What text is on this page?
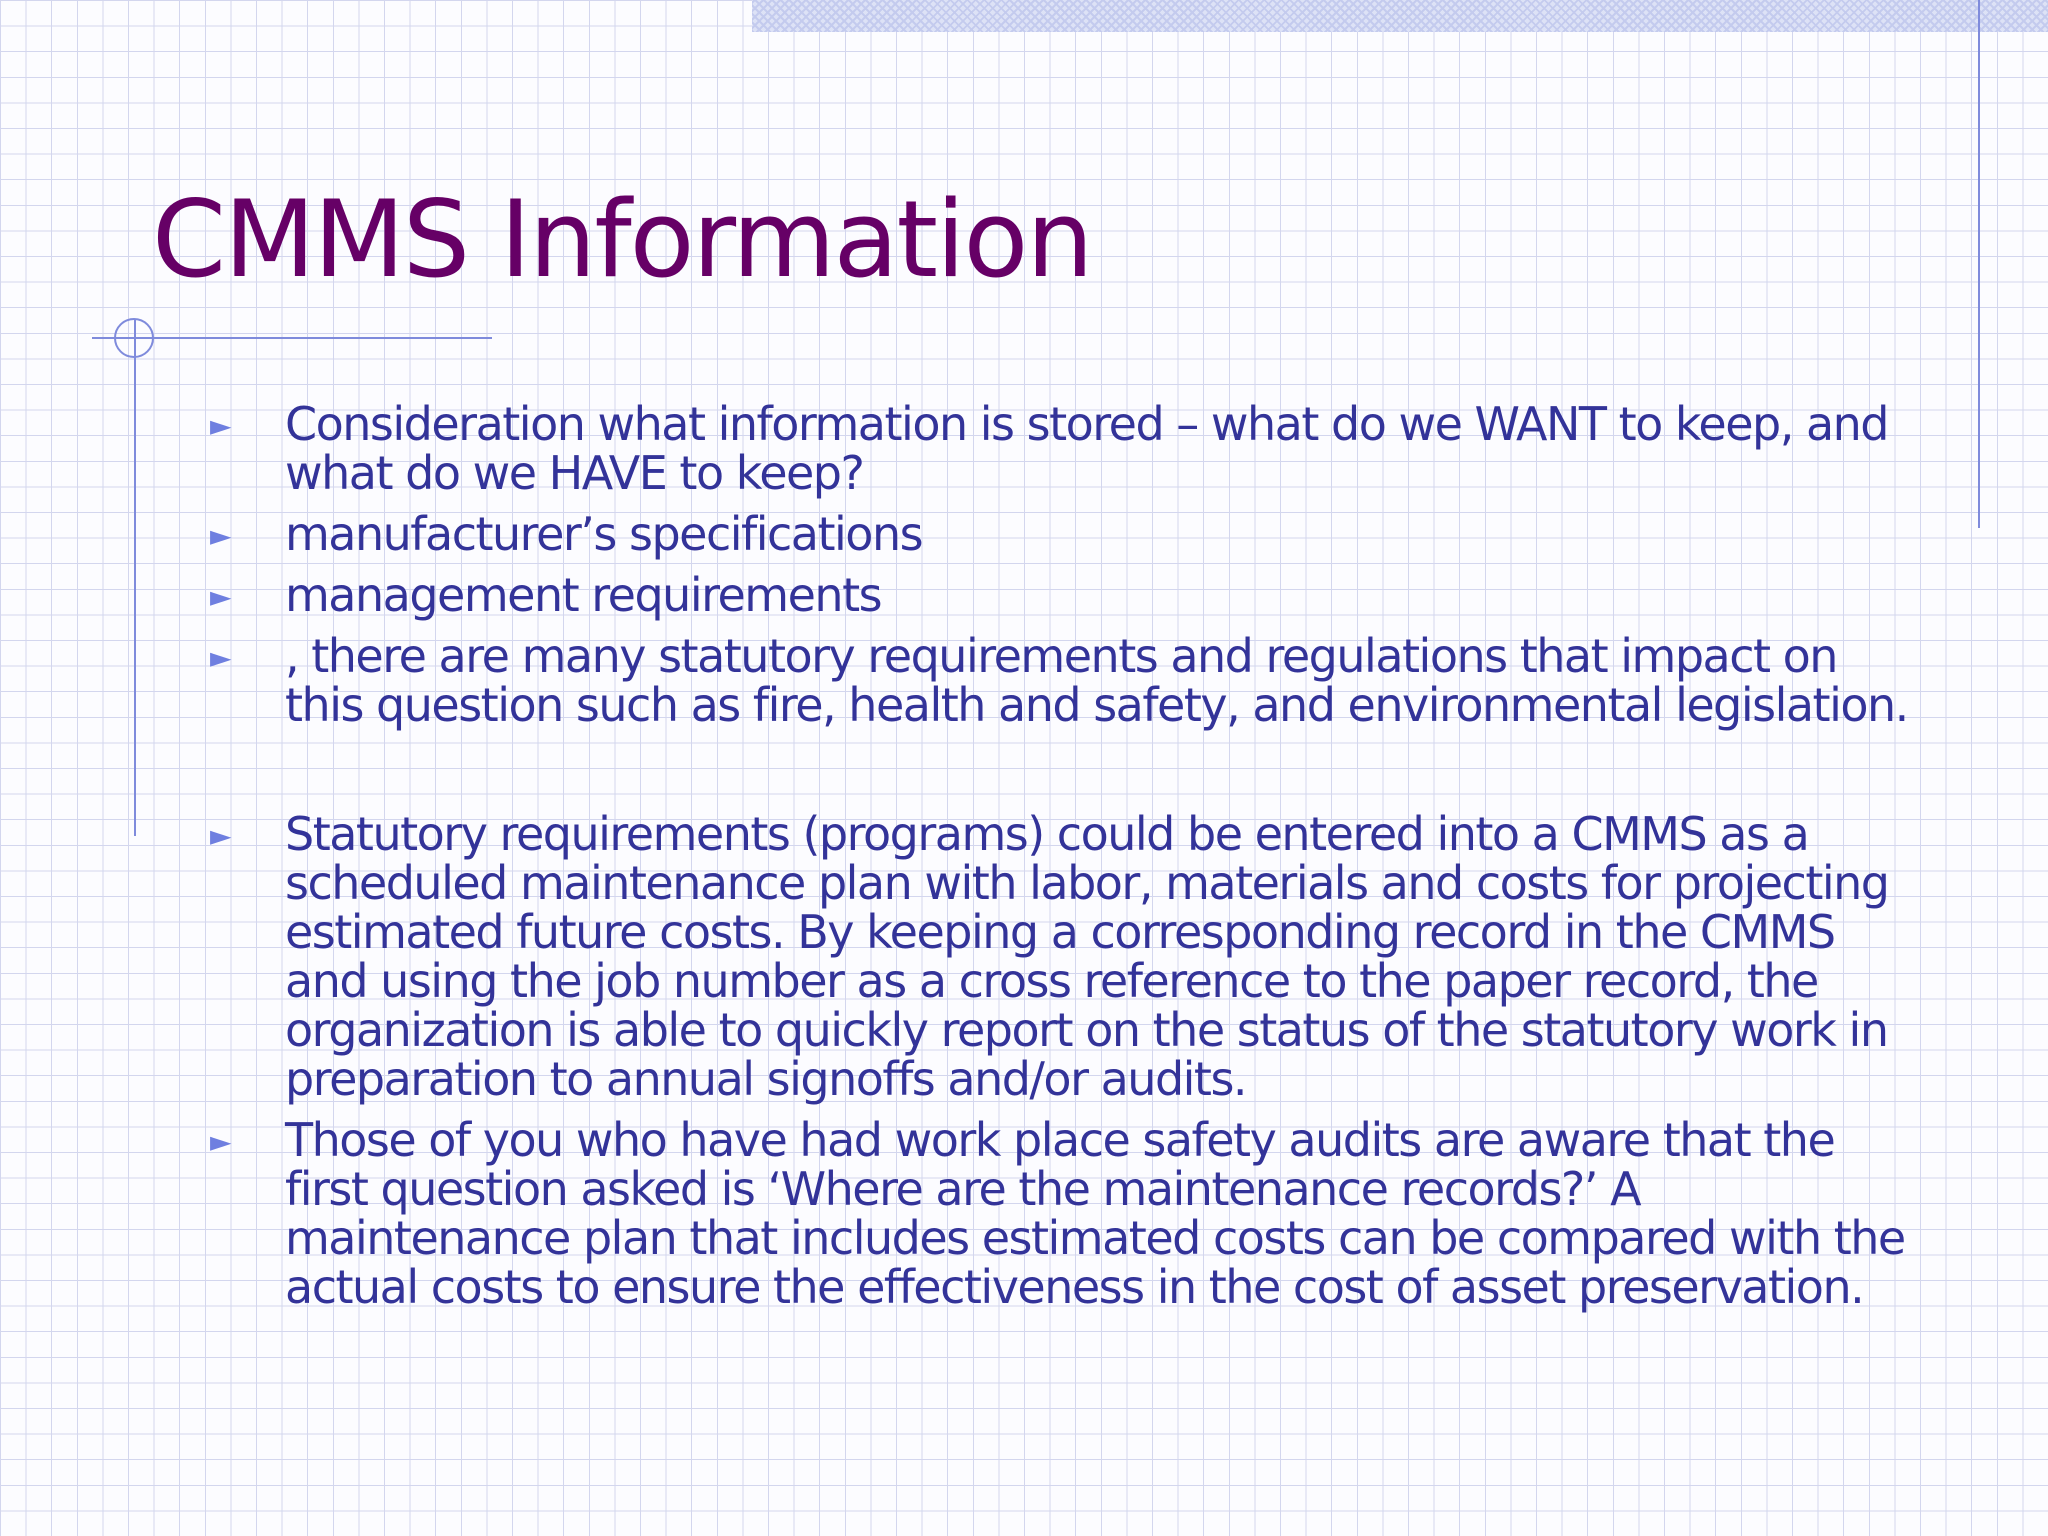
CMMS Information
►	Consideration what information is stored – what do we WANT to keep, and what do we HAVE to keep?
►	manufacturer’s specifications
►	management requirements
►	, there are many statutory requirements and regulations that impact on this question such as fire, health and safety, and environmental legislation.
►	Statutory requirements (programs) could be entered into a CMMS as a scheduled maintenance plan with labor, materials and costs for projecting estimated future costs. By keeping a corresponding record in the CMMS and using the job number as a cross reference to the paper record, the organization is able to quickly report on the status of the statutory work in preparation to annual signoffs and/or audits.
►	Those of you who have had work place safety audits are aware that the first question asked is ‘Where are the maintenance records?’ A maintenance plan that includes estimated costs can be compared with the actual costs to ensure the effectiveness in the cost of asset preservation.
